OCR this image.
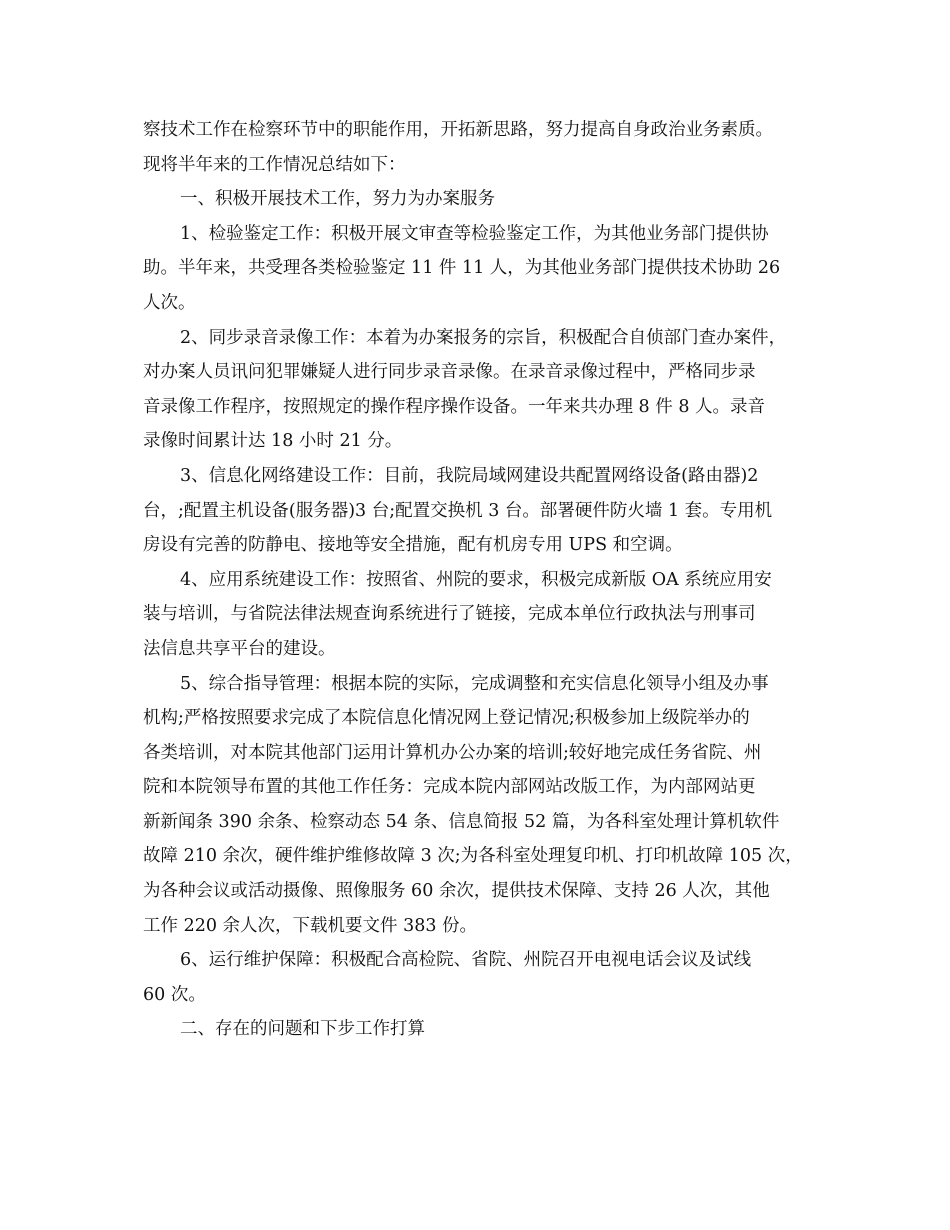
察技术工作在检察环节中的职能作用，开拓新思路，努力提高自身政治业务素质。
现将半年来的工作情况总结如下：
一、积极开展技术工作，努力为办案服务
1、检验鉴定工作：积极开展文审查等检验鉴定工作，为其他业务部门提供协
助。半年来，共受理各类检验鉴定 11 件 11 人，为其他业务部门提供技术协助 26
人次。
2、同步录音录像工作：本着为办案报务的宗旨，积极配合自侦部门查办案件，
对办案人员讯问犯罪嫌疑人进行同步录音录像。在录音录像过程中，严格同步录
音录像工作程序，按照规定的操作程序操作设备。一年来共办理 8 件 8 人。录音
录像时间累计达 18 小时 21 分。
3、信息化网络建设工作：目前，我院局域网建设共配置网络设备(路由器)2
台，;配置主机设备(服务器)3 台;配置交换机 3 台。部署硬件防火墙 1 套。专用机
房设有完善的防静电、接地等安全措施，配有机房专用 UPS 和空调。
4、应用系统建设工作：按照省、州院的要求，积极完成新版 OA 系统应用安
装与培训，与省院法律法规查询系统进行了链接，完成本单位行政执法与刑事司
法信息共享平台的建设。
5、综合指导管理：根据本院的实际，完成调整和充实信息化领导小组及办事
机构;严格按照要求完成了本院信息化情况网上登记情况;积极参加上级院举办的
各类培训，对本院其他部门运用计算机办公办案的培训;较好地完成任务省院、州
院和本院领导布置的其他工作任务：完成本院内部网站改版工作，为内部网站更
新新闻条 390 余条、检察动态 54 条、信息简报 52 篇，为各科室处理计算机软件
故障 210 余次，硬件维护维修故障 3 次;为各科室处理复印机、打印机故障 105 次，
为各种会议或活动摄像、照像服务 60 余次，提供技术保障、支持 26 人次，其他
工作 220 余人次，下载机要文件 383 份。
6、运行维护保障：积极配合高检院、省院、州院召开电视电话会议及试线
60 次。
二、存在的问题和下步工作打算
